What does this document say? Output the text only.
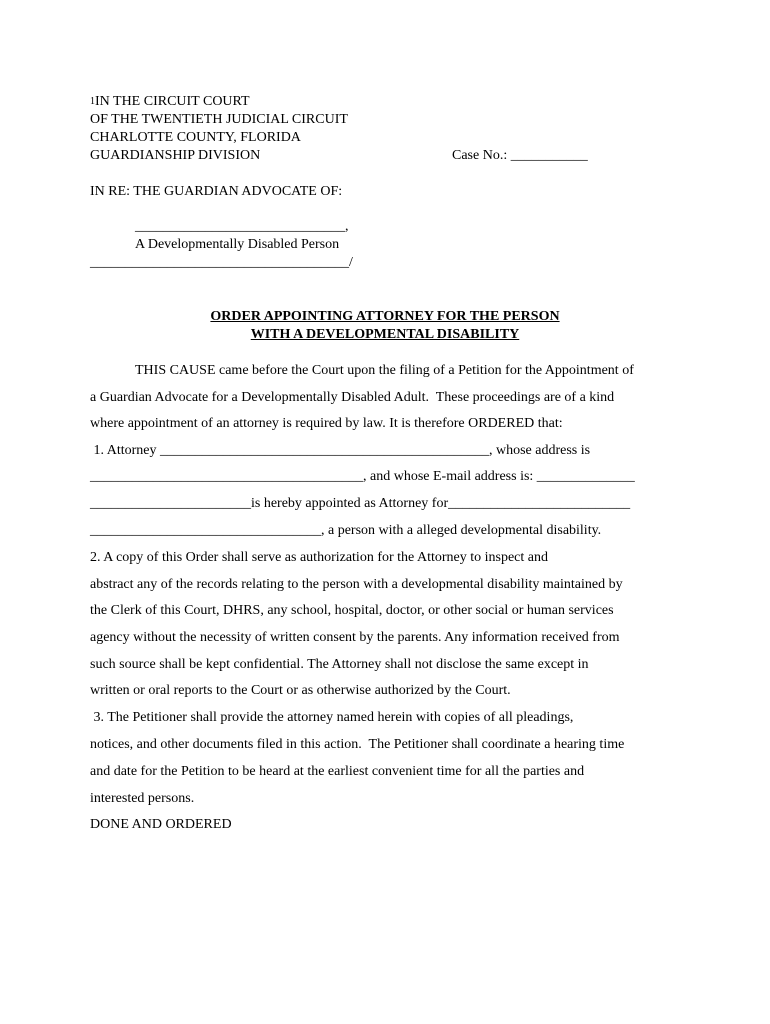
1IN THE CIRCUIT COURT
OF THE TWENTIETH JUDICIAL CIRCUIT
CHARLOTTE COUNTY, FLORIDA
GUARDIANSHIP DIVISION	Case No.: ___________
IN RE: THE GUARDIAN ADVOCATE OF:
______________________________,
A Developmentally Disabled Person
_____________________________________/
ORDER APPOINTING ATTORNEY FOR THE PERSON
WITH A DEVELOPMENTAL DISABILITY
THIS CAUSE came before the Court upon the filing of a Petition for the Appointment of
a Guardian Advocate for a Developmentally Disabled Adult.  These proceedings are of a kind
where appointment of an attorney is required by law. It is therefore ORDERED that:
1. Attorney _______________________________________________, whose address is
_______________________________________, and whose E-mail address is: ______________
_______________________is hereby appointed as Attorney for__________________________
_________________________________, a person with a alleged developmental disability.
2. A copy of this Order shall serve as authorization for the Attorney to inspect and
abstract any of the records relating to the person with a developmental disability maintained by
the Clerk of this Court, DHRS, any school, hospital, doctor, or other social or human services
agency without the necessity of written consent by the parents. Any information received from
such source shall be kept confidential. The Attorney shall not disclose the same except in
written or oral reports to the Court or as otherwise authorized by the Court.
3. The Petitioner shall provide the attorney named herein with copies of all pleadings,
notices, and other documents filed in this action.  The Petitioner shall coordinate a hearing time
and date for the Petition to be heard at the earliest convenient time for all the parties and
interested persons.
DONE AND ORDERED
